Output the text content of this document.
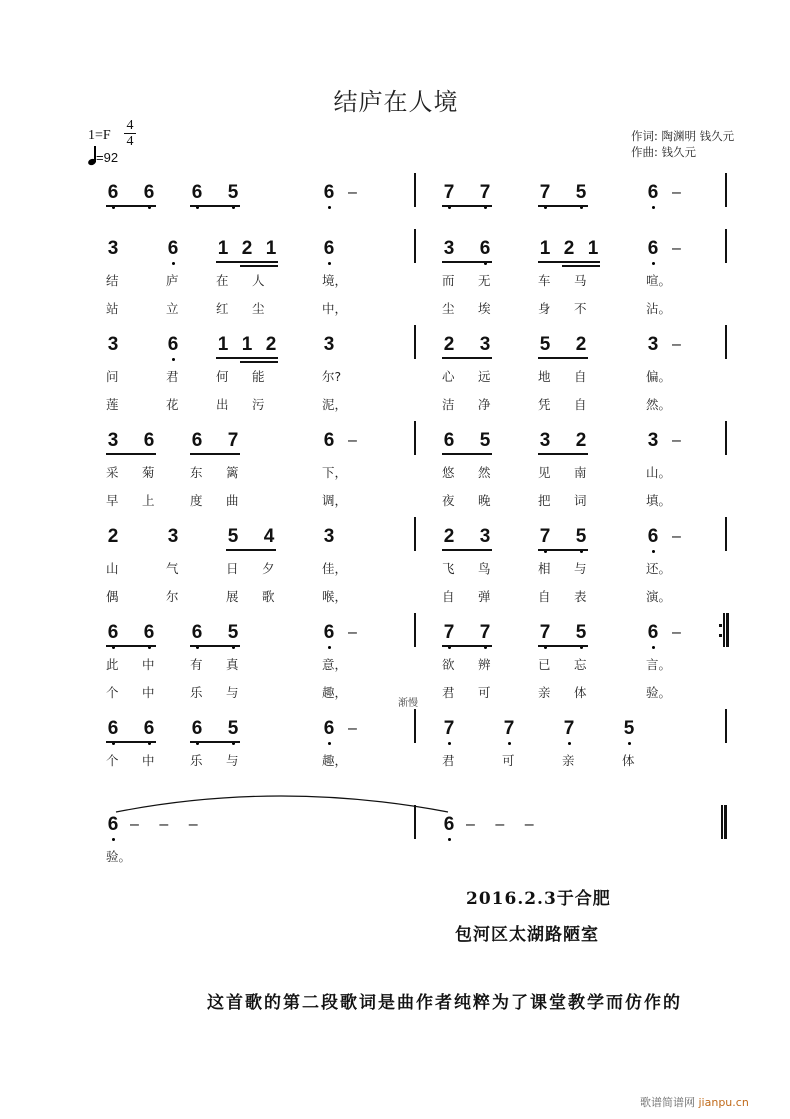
结庐在人境
1=F
4
4
=92
作词: 陶渊明 钱久元
作曲: 钱久元
6 6 6 5	6 –	7 7	7 5	6 –
3	6 1 2 1 6	3 6	1 2 1	6 –
结	庐	在 人	境，	而 无	车 马	喧。
站	立	红 尘	中，	尘 埃	身 不	沾。
3	6 1 1 2 3	2 3	5 2	3 –
问	君	何 能	尔?	心 远	地 自	偏。
莲	花	出 污	泥，	洁 净	凭 自	然。
3 6 6 7	6 –	6 5	3 2	3 –
采 菊	东 篱	下，	悠 然	见 南	山。
早 上	度 曲	调，	夜 晚	把 词	填。
2	3	5 4	3	2 3	7 5	6 –
山	气	日 夕	佳，	飞 鸟	相 与	还。
偶	尔	展 歌	喉，	自 弹	自 表	演。
6 6 6 5	6 –	7 7	7 5	6 –
此 中	有 真	意，	欲 辨	已 忘	言。
个 中	乐 与	趣，	君 可	亲 体	验。
6 6 6 5	6 –	7	7	7	5
个 中	乐 与	趣，	君	可	亲	体
6 – – –	6 – – –
验。
渐慢
2016.2.3于合肥
包河区太湖路陋室
这首歌的第二段歌词是曲作者纯粹为了课堂教学而仿作的
歌谱简谱网 jianpu.cn
